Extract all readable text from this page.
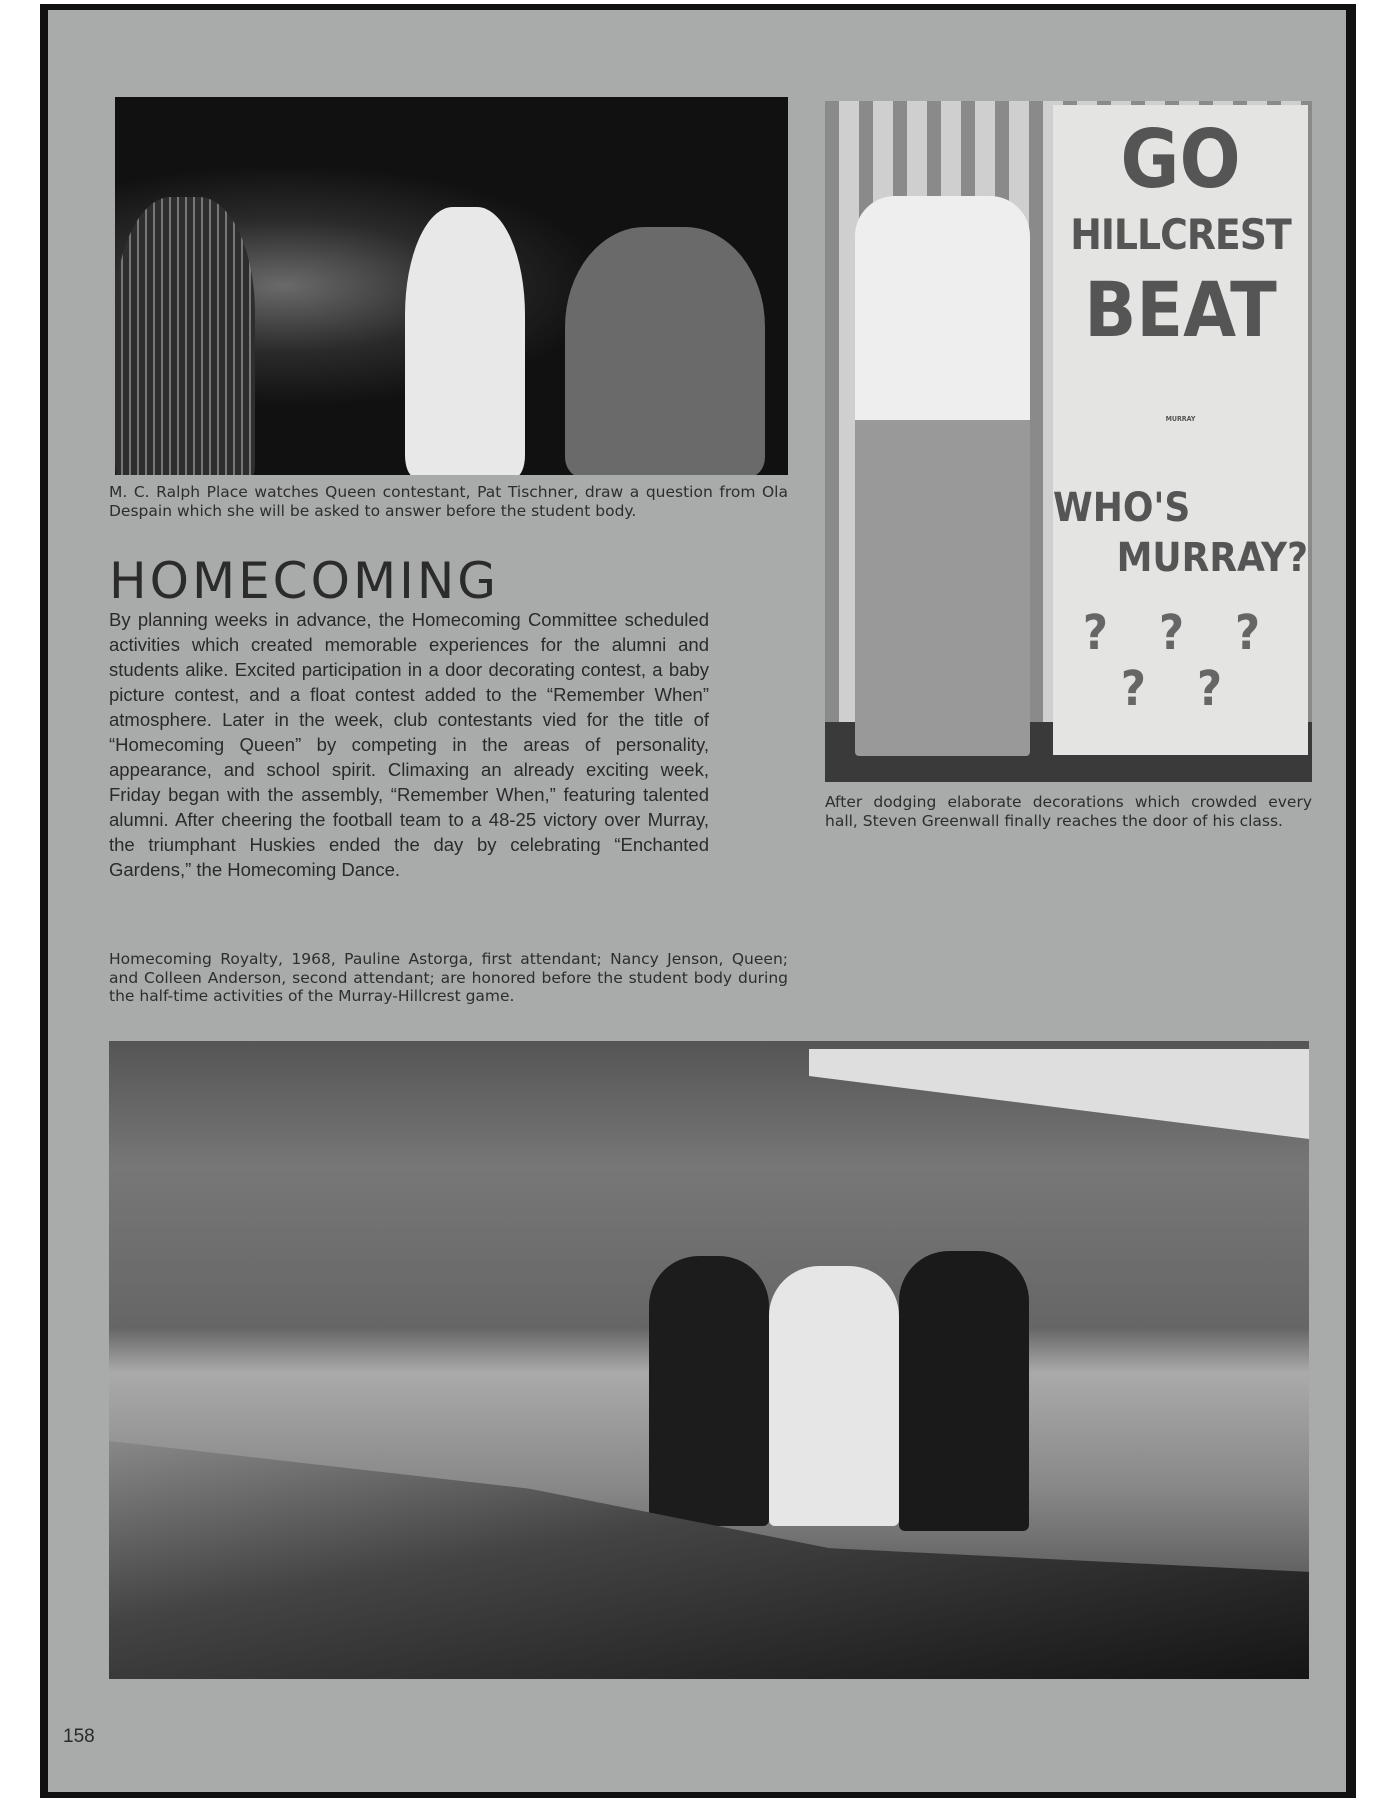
M. C. Ralph Place watches Queen contestant, Pat Tischner, draw a question from Ola Despain which she will be asked to answer before the student body.
HOMECOMING
By planning weeks in advance, the Homecoming Committee scheduled activities which created memorable experiences for the alumni and students alike. Excited participation in a door decorating contest, a baby picture contest, and a float contest added to the “Remember When” atmosphere. Later in the week, club contestants vied for the title of “Homecoming Queen” by competing in the areas of personality, appearance, and school spirit. Climaxing an already exciting week, Friday began with the assembly, “Remember When,” featuring talented alumni. After cheering the football team to a 48-25 victory over Murray, the triumphant Huskies ended the day by celebrating “Enchanted Gardens,” the Homecoming Dance.
GO
HILLCREST
BEAT
MURRAY
WHO'S
MURRAY?
? ? ? ? ?
After dodging elaborate decorations which crowded every hall, Steven Greenwall finally reaches the door of his class.
Homecoming Royalty, 1968, Pauline Astorga, first attendant; Nancy Jenson, Queen; and Colleen Anderson, second attendant; are honored before the student body during the half-time activities of the Murray-Hillcrest game.
158
